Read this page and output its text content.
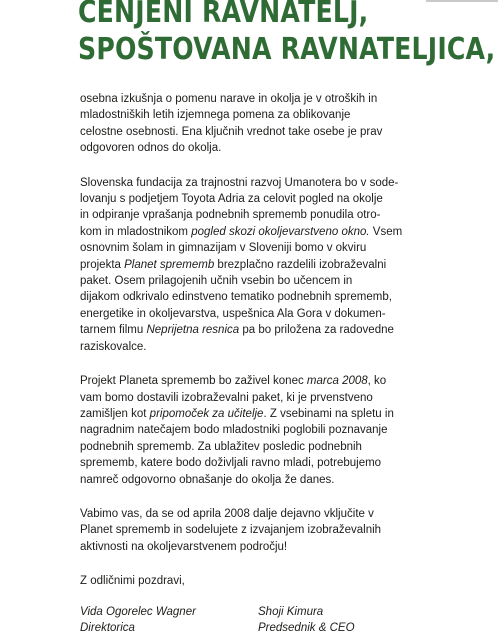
CENJENI RAVNATELJ,
SPOŠTOVANA RAVNATELJICA,

osebna izkušnja o pomenu narave in okolja je v otroških in
mladostniških letih izjemnega pomena za oblikovanje
celostne osebnosti. Ena ključnih vrednot take osebe je prav
odgovoren odnos do okolja.

Slovenska fundacija za trajnostni razvoj Umanotera bo v sode-
lovanju s podjetjem Toyota Adria za celovit pogled na okolje
in odpiranje vprašanja podnebnih sprememb ponudila otro-
kom in mladostnikom pogled skozi okoljevarstveno okno. Vsem
osnovnim šolam in gimnazijam v Sloveniji bomo v okviru
projekta Planet sprememb brezplačno razdelili izobraževalni
paket. Osem prilagojenih učnih vsebin bo učencem in
dijakom odkrivalo edinstveno tematiko podnebnih sprememb,
energetike in okoljevarstva, uspešnica Ala Gora v dokumen-
tarnem filmu Neprijetna resnica pa bo priložena za radovedne
raziskovalce.

Projekt Planeta sprememb bo zaživel konec marca 2008, ko
vam bomo dostavili izobraževalni paket, ki je prvenstveno
zamišljen kot pripomoček za učitelje. Z vsebinami na spletu in
nagradnim natečajem bodo mladostniki poglobili poznavanje
podnebnih sprememb. Za ublažitev posledic podnebnih
sprememb, katere bodo doživljali ravno mladi, potrebujemo
namreč odgovorno obnašanje do okolja že danes.

Vabimo vas, da se od aprila 2008 dalje dejavno vključite v
Planet sprememb in sodelujete z izvajanjem izobraževalnih
aktivnosti na okoljevarstvenem področju!

Z odličnimi pozdravi,

Vida Ogorelec Wagner
Direktorica
Shoji Kimura
Predsednik & CEO
